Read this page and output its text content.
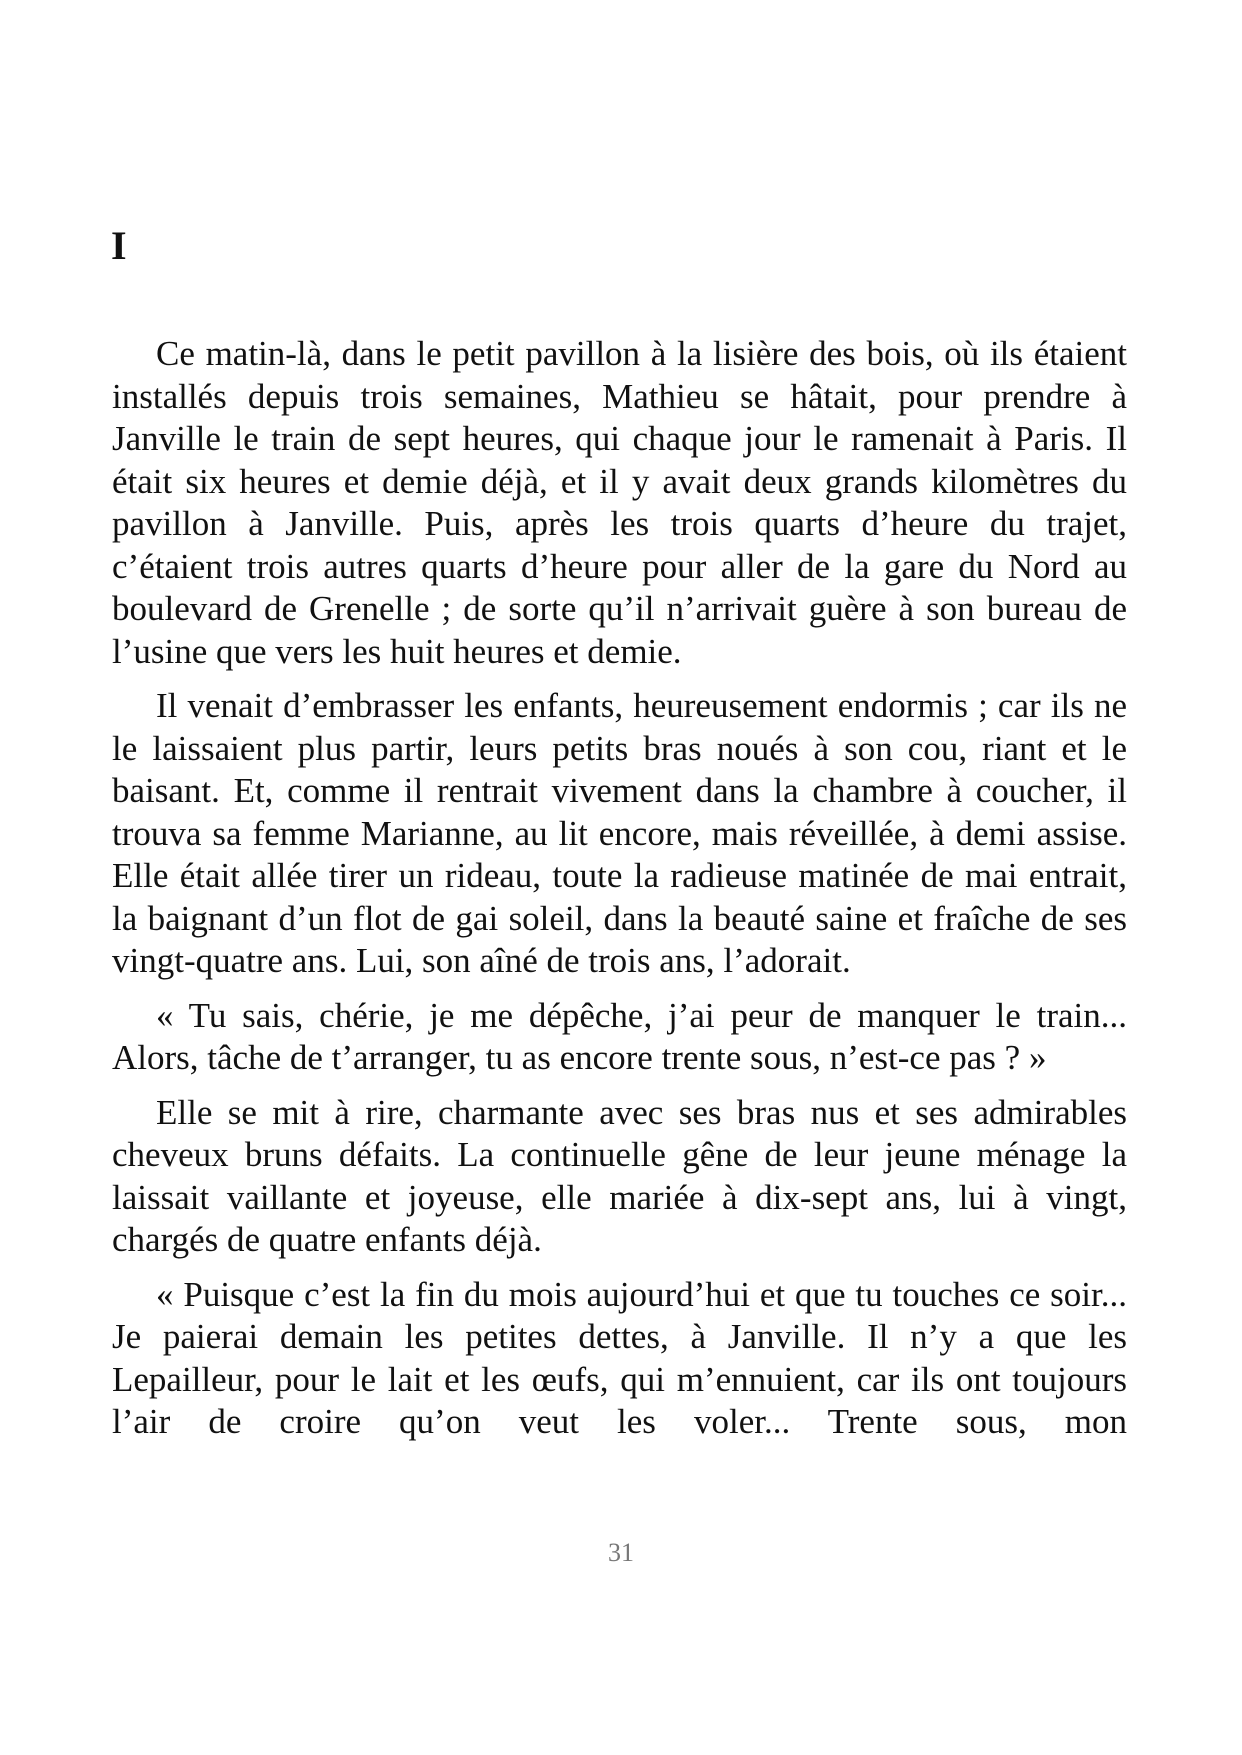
I

Ce matin-là, dans le petit pavillon à la lisière des bois, où ils étaient installés depuis trois semaines, Mathieu se hâtait, pour prendre à Janville le train de sept heures, qui chaque jour le ramenait à Paris. Il était six heures et demie déjà, et il y avait deux grands kilomètres du pavillon à Janville. Puis, après les trois quarts d’heure du trajet, c’étaient trois autres quarts d’heure pour aller de la gare du Nord au boulevard de Grenelle ; de sorte qu’il n’arrivait guère à son bureau de l’usine que vers les huit heures et demie.

Il venait d’embrasser les enfants, heureusement endormis ; car ils ne le laissaient plus partir, leurs petits bras noués à son cou, riant et le baisant. Et, comme il rentrait vivement dans la chambre à coucher, il trouva sa femme Marianne, au lit encore, mais réveillée, à demi assise. Elle était allée tirer un rideau, toute la radieuse matinée de mai entrait, la baignant d’un flot de gai soleil, dans la beauté saine et fraîche de ses vingt-quatre ans. Lui, son aîné de trois ans, l’adorait.

« Tu sais, chérie, je me dépêche, j’ai peur de manquer le train... Alors, tâche de t’arranger, tu as encore trente sous, n’est-ce pas ? »

Elle se mit à rire, charmante avec ses bras nus et ses admirables cheveux bruns défaits. La continuelle gêne de leur jeune ménage la laissait vaillante et joyeuse, elle mariée à dix-sept ans, lui à vingt, chargés de quatre enfants déjà.

« Puisque c’est la fin du mois aujourd’hui et que tu touches ce soir... Je paierai demain les petites dettes, à Janville. Il n’y a que les Lepailleur, pour le lait et les œufs, qui m’ennuient, car ils ont toujours l’air de croire qu’on veut les voler... Trente sous, mon

31
